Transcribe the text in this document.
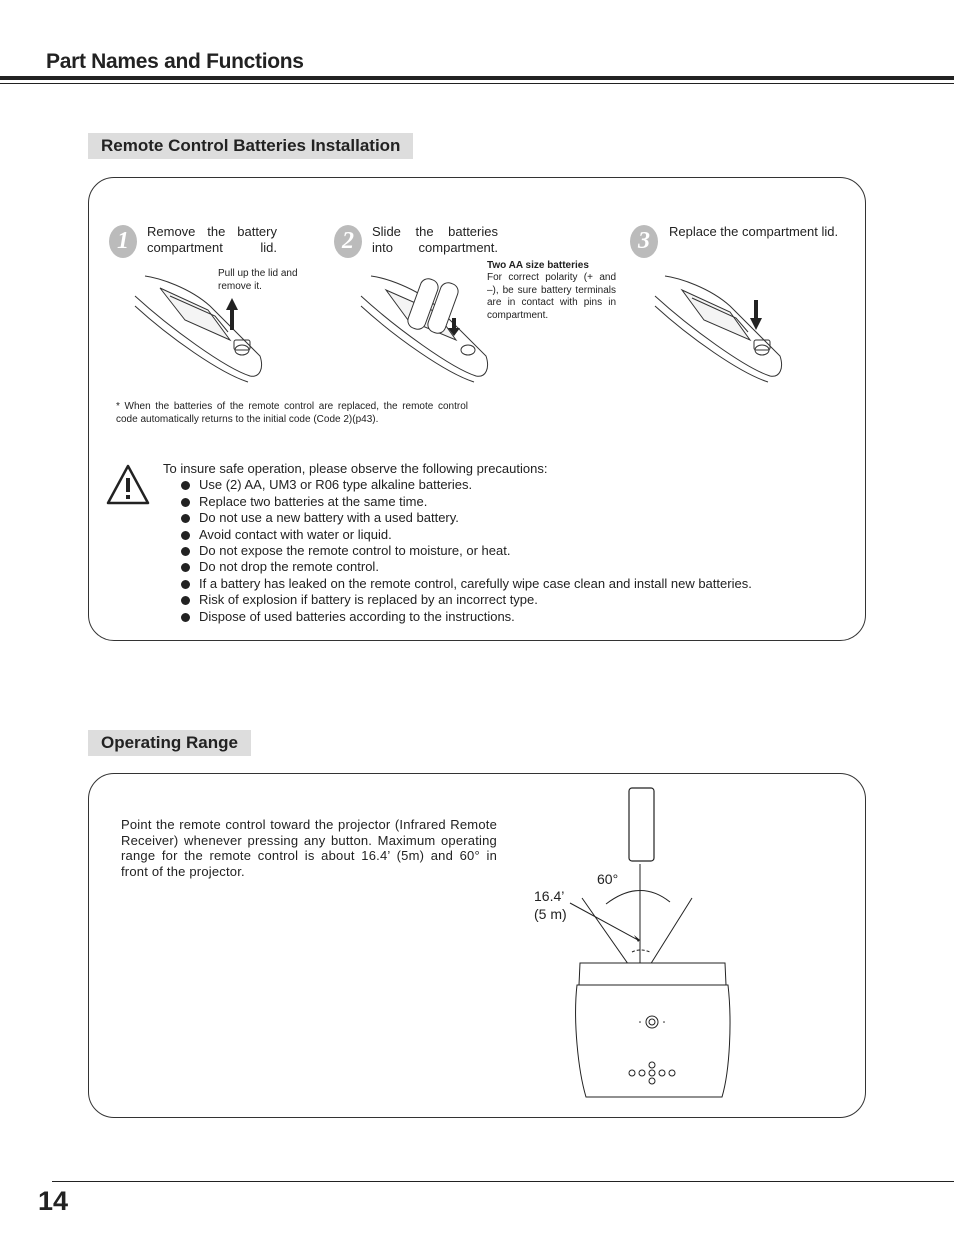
Part Names and Functions
Remote Control Batteries Installation
1	Remove the battery compartment lid.
Pull up the lid and remove it.
2	Slide the batteries into compartment.
Two AA size batteries
For correct polarity (+ and –), be sure battery terminals are in contact with pins in compartment.
3	Replace the compartment lid.
* When the batteries of the remote control are replaced, the remote control code automatically returns to the initial code (Code 2)(p43).
To insure safe operation, please observe the following precautions:
Use (2) AA, UM3 or R06 type alkaline batteries.
Replace two batteries at the same time.
Do not use a new battery with a used battery.
Avoid contact with water or liquid.
Do not expose the remote control to moisture, or heat.
Do not drop the remote control.
If a battery has leaked on the remote control, carefully wipe case clean and install new batteries.
Risk of explosion if battery is replaced by an incorrect type.
Dispose of used batteries according to the instructions.
Operating Range
Point the remote control toward the projector (Infrared Remote Receiver) whenever pressing any button. Maximum operating range for the remote control is about 16.4’ (5m) and 60° in front of the projector.	60°
16.4’
(5 m)
14
